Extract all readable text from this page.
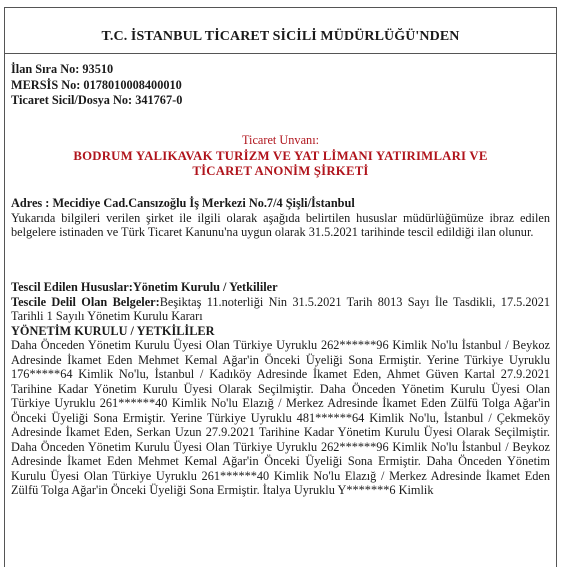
T.C. İSTANBUL TİCARET SİCİLİ MÜDÜRLÜĞÜ'NDEN
İlan Sıra No: 93510
MERSİS No: 0178010008400010
Ticaret Sicil/Dosya No: 341767-0
Ticaret Unvanı:
BODRUM YALIKAVAK TURİZM VE YAT LİMANI YATIRIMLARI VE
TİCARET ANONİM ŞİRKETİ
Adres : Mecidiye Cad.Cansızoğlu İş Merkezi No.7/4 Şişli/İstanbul
Yukarıda bilgileri verilen şirket ile ilgili olarak aşağıda belirtilen hususlar müdürlüğümüze ibraz edilen belgelere istinaden ve Türk Ticaret Kanunu'na uygun olarak 31.5.2021 tarihinde tescil edildiği ilan olunur.
Tescil Edilen Hususlar:Yönetim Kurulu / Yetkililer
Tescile Delil Olan Belgeler:Beşiktaş 11.noterliği Nin 31.5.2021 Tarih 8013 Sayı İle Tasdikli, 17.5.2021 Tarihli 1 Sayılı Yönetim Kurulu Kararı
YÖNETİM KURULU / YETKİLİLER
Daha Önceden Yönetim Kurulu Üyesi Olan Türkiye Uyruklu 262******96 Kimlik No'lu İstanbul / Beykoz Adresinde İkamet Eden Mehmet Kemal Ağar'in Önceki Üyeliği Sona Ermiştir. Yerine Türkiye Uyruklu 176*****64 Kimlik No'lu, İstanbul / Kadıköy Adresinde İkamet Eden, Ahmet Güven Kartal 27.9.2021 Tarihine Kadar Yönetim Kurulu Üyesi Olarak Seçilmiştir. Daha Önceden Yönetim Kurulu Üyesi Olan Türkiye Uyruklu 261******40 Kimlik No'lu Elazığ / Merkez Adresinde İkamet Eden Zülfü Tolga Ağar'in Önceki Üyeliği Sona Ermiştir. Yerine Türkiye Uyruklu 481******64 Kimlik No'lu, İstanbul / Çekmeköy Adresinde İkamet Eden, Serkan Uzun 27.9.2021 Tarihine Kadar Yönetim Kurulu Üyesi Olarak Seçilmiştir. Daha Önceden Yönetim Kurulu Üyesi Olan Türkiye Uyruklu 262******96 Kimlik No'lu İstanbul / Beykoz Adresinde İkamet Eden Mehmet Kemal Ağar'in Önceki Üyeliği Sona Ermiştir. Daha Önceden Yönetim Kurulu Üyesi Olan Türkiye Uyruklu 261******40 Kimlik No'lu Elazığ / Merkez Adresinde İkamet Eden Zülfü Tolga Ağar'in Önceki Üyeliği Sona Ermiştir. İtalya Uyruklu Y*******6 Kimlik
